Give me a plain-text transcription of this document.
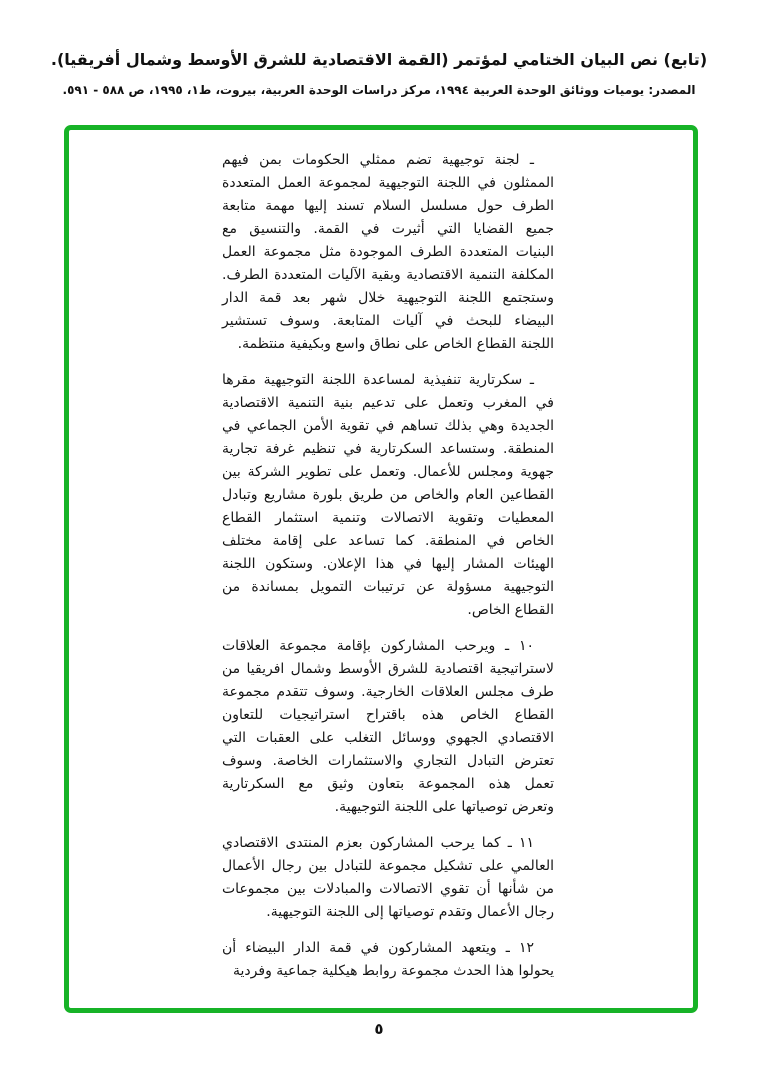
(تابع) نص البيان الختامي لمؤتمر (القمة الاقتصادية للشرق الأوسط وشمال أفريقيا).
المصدر: يوميات ووثائق الوحدة العربية ١٩٩٤، مركز دراسات الوحدة العربية، بيروت، ط١، ١٩٩٥، ص ٥٨٨ - ٥٩١.

ـ لجنة توجيهية تضم ممثلي الحكومات بمن فيهم
الممثلون في اللجنة التوجيهية لمجموعة العمل المتعددة
الطرف حول مسلسل السلام تسند إليها مهمة متابعة
جميع القضايا التي أثيرت في القمة. والتنسيق مع
البنيات المتعددة الطرف الموجودة مثل مجموعة العمل
المكلفة التنمية الاقتصادية وبقية الآليات المتعددة الطرف.
وستجتمع اللجنة التوجيهية خلال شهر بعد قمة الدار
البيضاء للبحث في آليات المتابعة. وسوف تستشير
اللجنة القطاع الخاص على نطاق واسع وبكيفية منتظمة.

ـ سكرتارية تنفيذية لمساعدة اللجنة التوجيهية مقرها
في المغرب وتعمل على تدعيم بنية التنمية الاقتصادية
الجديدة وهي بذلك تساهم في تقوية الأمن الجماعي في
المنطقة. وستساعد السكرتارية في تنظيم غرفة تجارية
جهوية ومجلس للأعمال. وتعمل على تطوير الشركة بين
القطاعين العام والخاص من طريق بلورة مشاريع وتبادل
المعطيات وتقوية الاتصالات وتنمية استثمار القطاع
الخاص في المنطقة. كما تساعد على إقامة مختلف
الهيئات المشار إليها في هذا الإعلان. وستكون اللجنة
التوجيهية مسؤولة عن ترتيبات التمويل بمساندة من
القطاع الخاص.

١٠ ـ ويرحب المشاركون بإقامة مجموعة العلاقات
لاستراتيجية اقتصادية للشرق الأوسط وشمال افريقيا من
طرف مجلس العلاقات الخارجية. وسوف تتقدم مجموعة
القطاع الخاص هذه باقتراح استراتيجيات للتعاون
الاقتصادي الجهوي ووسائل التغلب على العقبات التي
تعترض التبادل التجاري والاستثمارات الخاصة. وسوف
تعمل هذه المجموعة بتعاون وثيق مع السكرتارية
وتعرض توصياتها على اللجنة التوجيهية.

١١ ـ كما يرحب المشاركون بعزم المنتدى الاقتصادي
العالمي على تشكيل مجموعة للتبادل بين رجال الأعمال
من شأنها أن تقوي الاتصالات والمبادلات بين مجموعات
رجال الأعمال وتقدم توصياتها إلى اللجنة التوجيهية.

١٢ ـ ويتعهد المشاركون في قمة الدار البيضاء أن
يحولوا هذا الحدث مجموعة روابط هيكلية جماعية وفردية

٥
